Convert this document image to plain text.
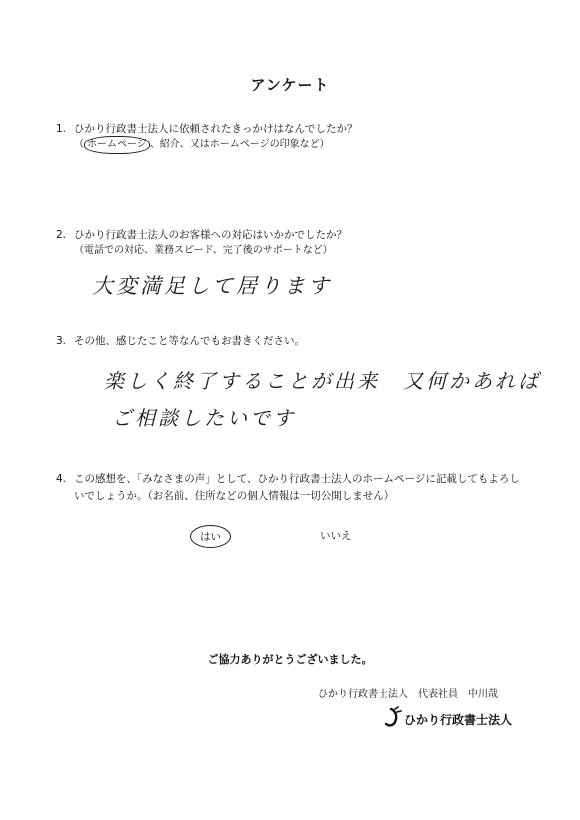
アンケート
1. ひかり行政書士法人に依頼されたきっかけはなんでしたか？
（ ホームページ 、紹介、又はホームページの印象など）
2. ひかり行政書士法人のお客様への対応はいかかでしたか？
（電話での対応、業務スピード、完了後のサポートなど）
大変満足して居ります
3. その他、感じたこと等なんでもお書きください。
楽しく終了することが出来　又何かあれば
ご相談したいです
4. この感想を、「みなさまの声」として、ひかり行政書士法人のホームページに記載してもよろし
いでしょうか。（お名前、住所などの個人情報は一切公開しません）
はい	いいえ
ご協力ありがとうございました。
ひかり行政書士法人　代表社員　中川哉
ひかり行政書士法人
